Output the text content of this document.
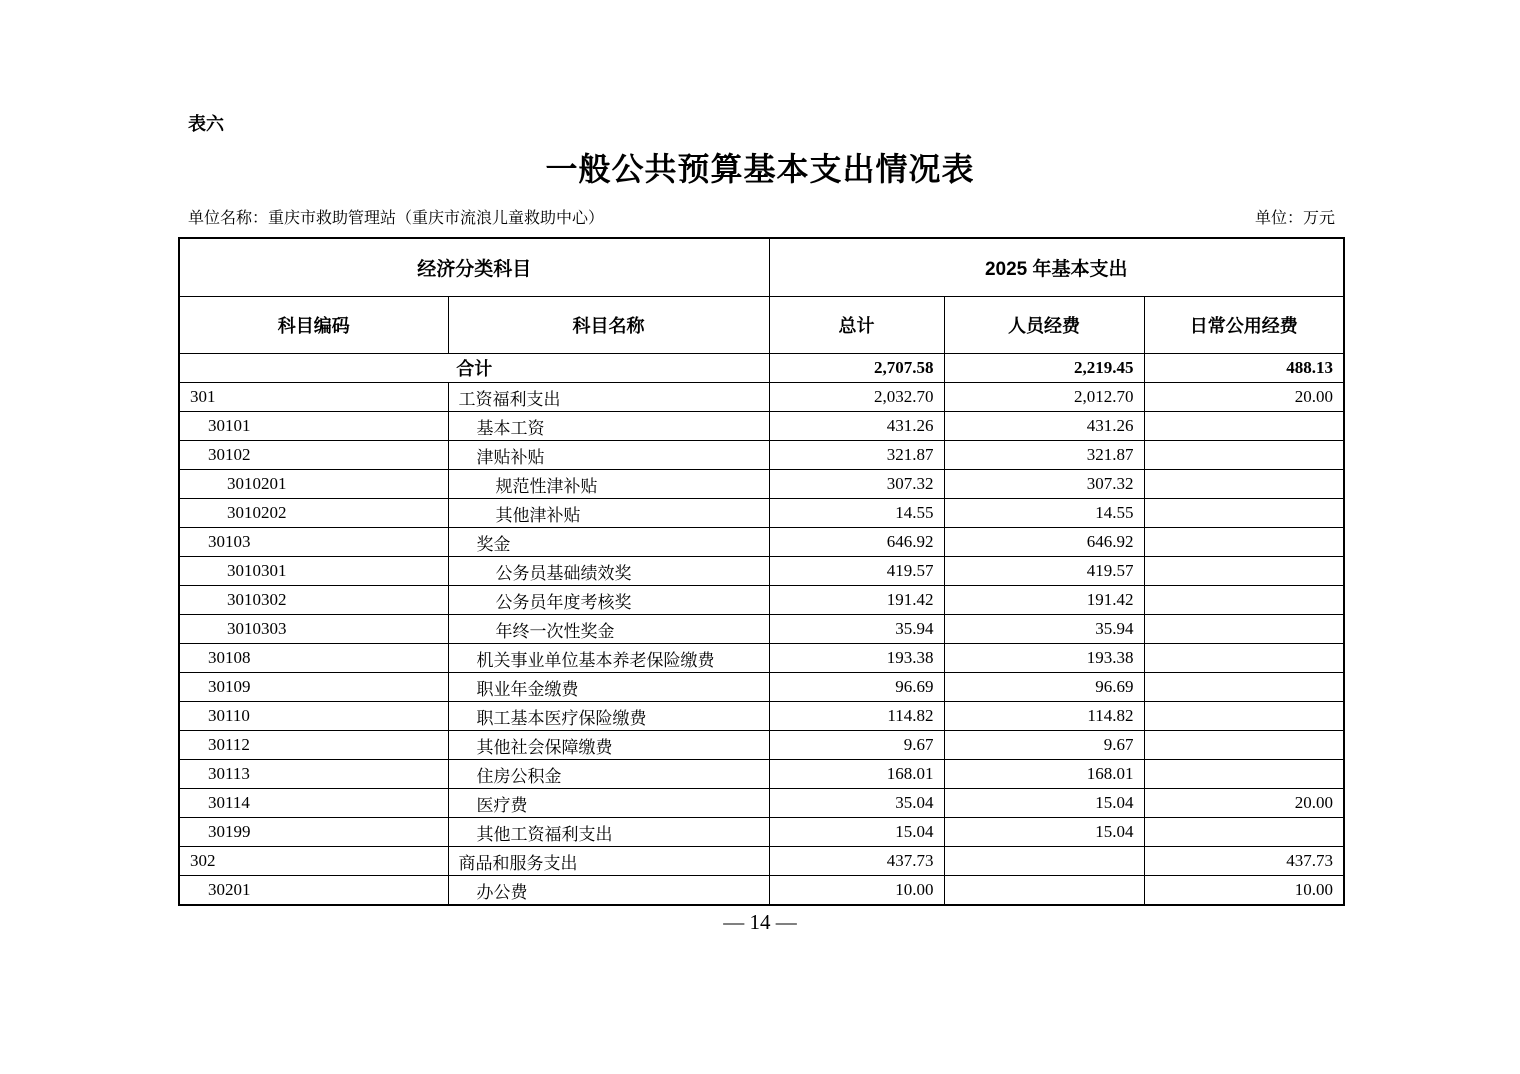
表六
一般公共预算基本支出情况表
单位名称：重庆市救助管理站（重庆市流浪儿童救助中心）	单位：万元
经济分类科目		2025 年基本支出		
科目编码	科目名称	总计	人员经费	日常公用经费
合计		2,707.58	2,219.45	488.13
301	工资福利支出	2,032.70	2,012.70	20.00
30101	基本工资	431.26	431.26	
30102	津贴补贴	321.87	321.87	
3010201	规范性津补贴	307.32	307.32	
3010202	其他津补贴	14.55	14.55	
30103	奖金	646.92	646.92	
3010301	公务员基础绩效奖	419.57	419.57	
3010302	公务员年度考核奖	191.42	191.42	
3010303	年终一次性奖金	35.94	35.94	
30108	机关事业单位基本养老保险缴费	193.38	193.38	
30109	职业年金缴费	96.69	96.69	
30110	职工基本医疗保险缴费	114.82	114.82	
30112	其他社会保障缴费	9.67	9.67	
30113	住房公积金	168.01	168.01	
30114	医疗费	35.04	15.04	20.00
30199	其他工资福利支出	15.04	15.04	
302	商品和服务支出	437.73		437.73
30201	办公费	10.00		10.00
— 14 —
